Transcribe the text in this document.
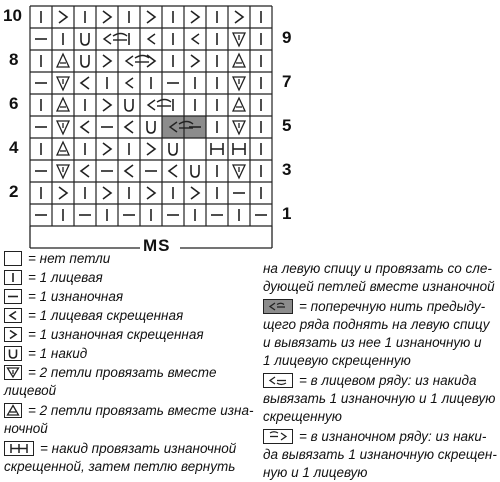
10
8
6
4
2
9
7
5
3
1
MS
= нет петли
= 1 лицевая
= 1 изнаночная
= 1 лицевая скрещенная
= 1 изнаночная скрещенная
= 1 накид
= 2 петли провязать вместе
лицевой
= 2 петли провязать вместе изна-
ночной
= накид провязать изнаночной
скрещенной, затем петлю вернуть
на левую спицу и провязать со сле-
дующей петлей вместе изнаночной
= поперечную нить предыду-
щего ряда поднять на левую спицу
и вывязать из нее 1 изнаночную и
1 лицевую скрещенную
= в лицевом ряду: из накида
вывязать 1 изнаночную и 1 лицевую
скрещенную
= в изнаночном ряду: из наки-
да вывязать 1 изнаночную скрещен-
ную и 1 лицевую
